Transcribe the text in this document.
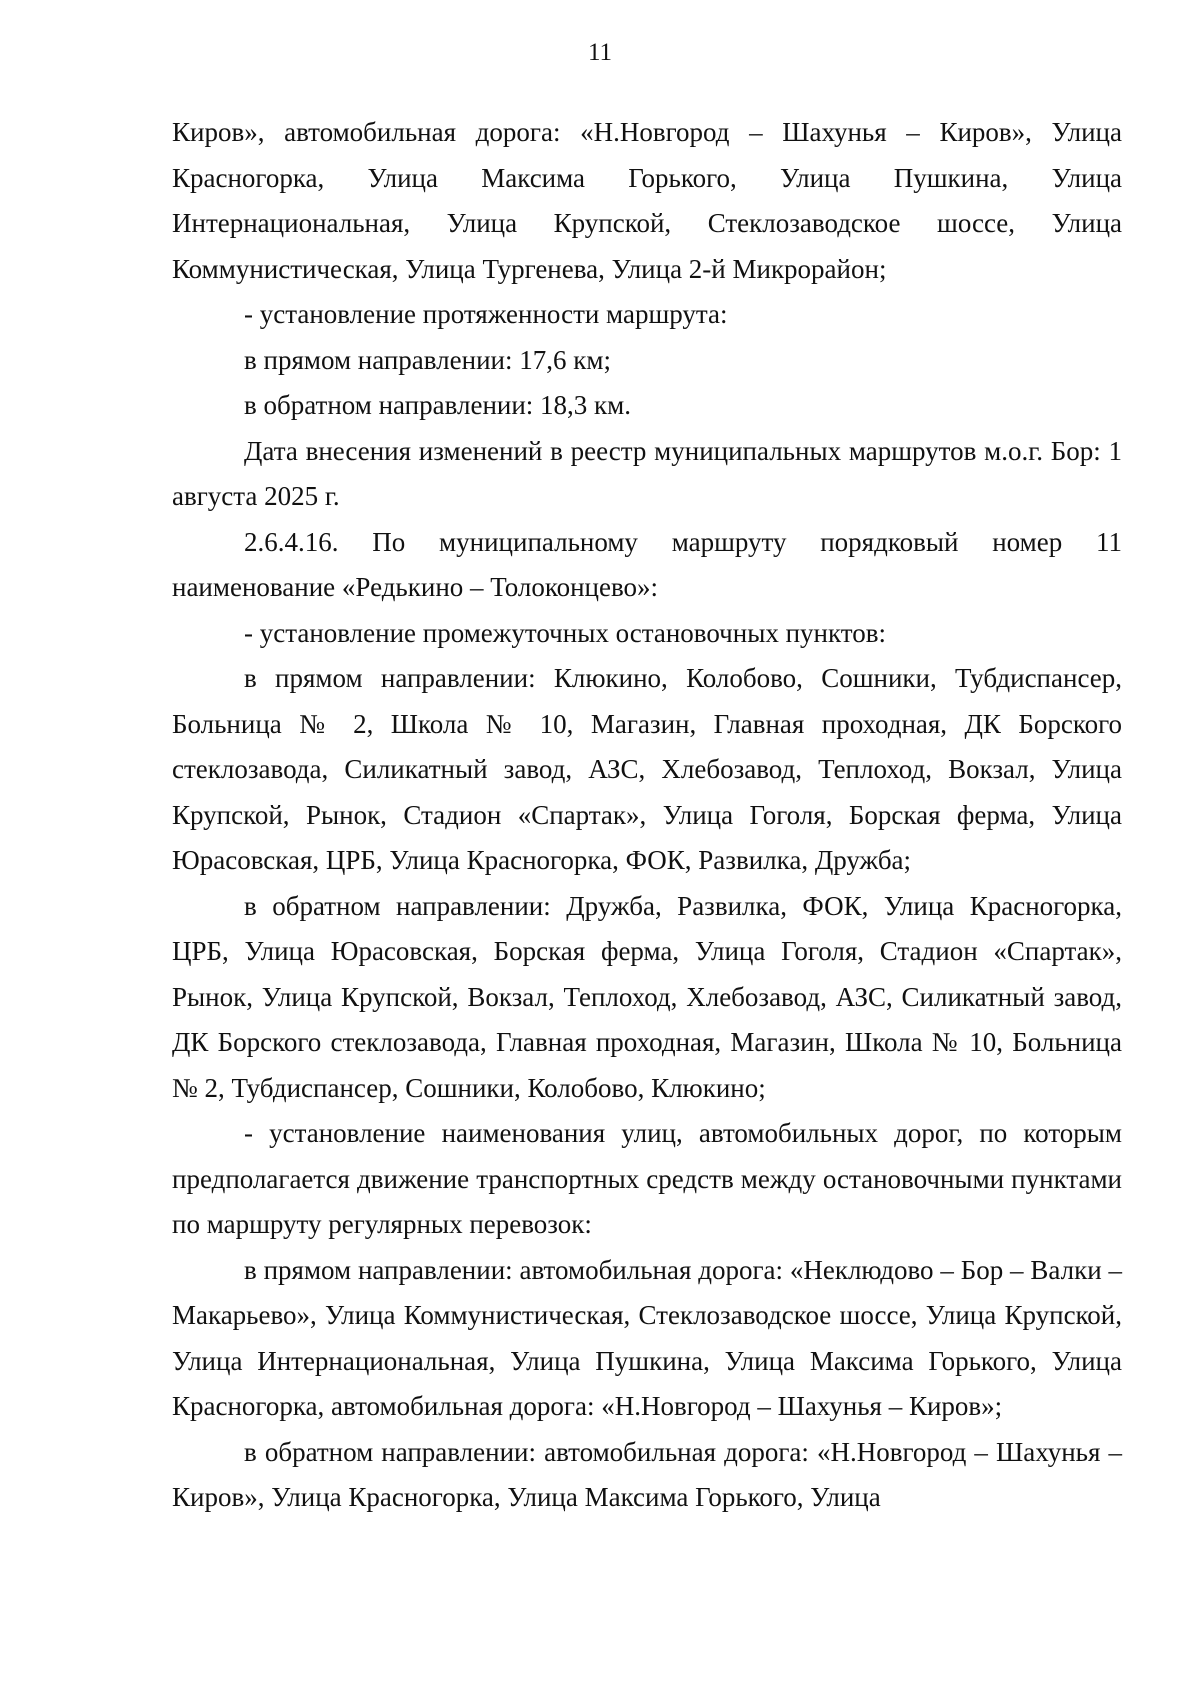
11

Киров», автомобильная дорога: «Н.Новгород – Шахунья – Киров», Улица Красногорка, Улица Максима Горького, Улица Пушкина, Улица Интернациональная, Улица Крупской, Стеклозаводское шоссе, Улица Коммунистическая, Улица Тургенева, Улица 2-й Микрорайон;

- установление протяженности маршрута:

в прямом направлении: 17,6 км;

в обратном направлении: 18,3 км.

Дата внесения изменений в реестр муниципальных маршрутов м.о.г. Бор: 1 августа 2025 г.

2.6.4.16. По муниципальному маршруту порядковый номер 11 наименование «Редькино – Толоконцево»:

- установление промежуточных остановочных пунктов:

в прямом направлении: Клюкино, Колобово, Сошники, Тубдиспансер, Больница № 2, Школа № 10, Магазин, Главная проходная, ДК Борского стеклозавода, Силикатный завод, АЗС, Хлебозавод, Теплоход, Вокзал, Улица Крупской, Рынок, Стадион «Спартак», Улица Гоголя, Борская ферма, Улица Юрасовская, ЦРБ, Улица Красногорка, ФОК, Развилка, Дружба;

в обратном направлении: Дружба, Развилка, ФОК, Улица Красногорка, ЦРБ, Улица Юрасовская, Борская ферма, Улица Гоголя, Стадион «Спартак», Рынок, Улица Крупской, Вокзал, Теплоход, Хлебозавод, АЗС, Силикатный завод, ДК Борского стеклозавода, Главная проходная, Магазин, Школа № 10, Больница № 2, Тубдиспансер, Сошники, Колобово, Клюкино;

- установление наименования улиц, автомобильных дорог, по которым предполагается движение транспортных средств между остановочными пунктами по маршруту регулярных перевозок:

в прямом направлении: автомобильная дорога: «Неклюдово – Бор – Валки – Макарьево», Улица Коммунистическая, Стеклозаводское шоссе, Улица Крупской, Улица Интернациональная, Улица Пушкина, Улица Максима Горького, Улица Красногорка, автомобильная дорога: «Н.Новгород – Шахунья – Киров»;

в обратном направлении: автомобильная дорога: «Н.Новгород – Шахунья – Киров», Улица Красногорка, Улица Максима Горького, Улица
